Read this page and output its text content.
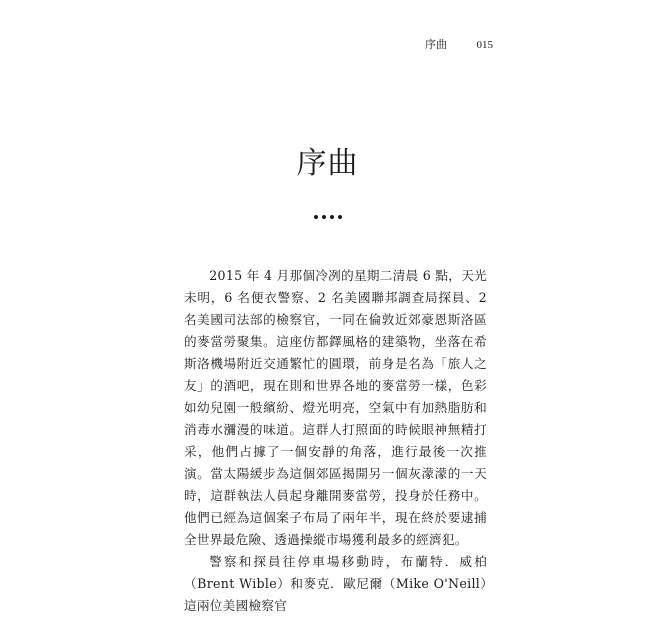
序曲	015
序曲

2015 年 4 月那個冷冽的星期二清晨 6 點，天光未明，6 名便衣警察、2 名美國聯邦調查局探員、2 名美國司法部的檢察官，一同在倫敦近郊豪恩斯洛區的麥當勞聚集。這座仿都鐸風格的建築物，坐落在希斯洛機場附近交通繁忙的圓環，前身是名為「旅人之友」的酒吧，現在則和世界各地的麥當勞一樣，色彩如幼兒園一般繽紛、燈光明亮，空氣中有加熱脂肪和消毒水瀰漫的味道。這群人打照面的時候眼神無精打采，他們占據了一個安靜的角落，進行最後一次推演。當太陽緩步為這個郊區揭開另一個灰濛濛的一天時，這群執法人員起身離開麥當勞，投身於任務中。他們已經為這個案子布局了兩年半，現在終於要逮捕全世界最危險、透過操縱市場獲利最多的經濟犯。

警察和探員往停車場移動時，布蘭特．威柏（Brent Wible）和麥克．歐尼爾（Mike O'Neill）這兩位美國檢察官
